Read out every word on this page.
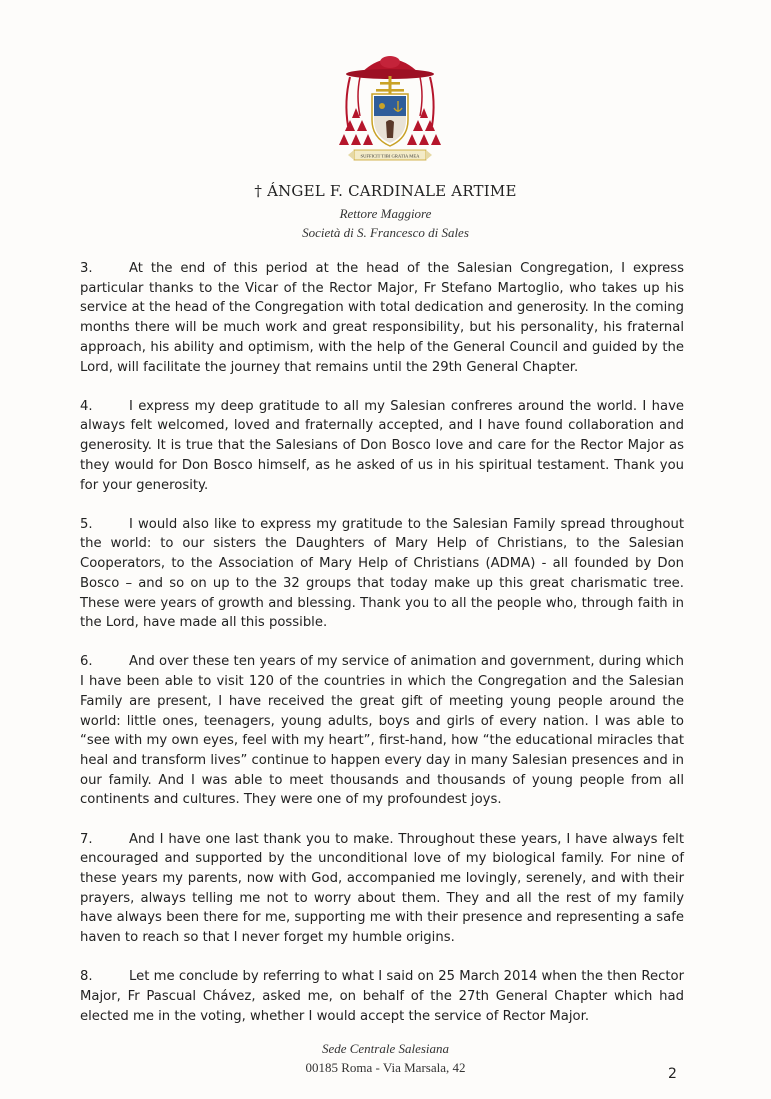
SUFFICIT TIBI GRATIA MEA
† ÁNGEL F. CARDINALE ARTIME
Rettore Maggiore
Società di S. Francesco di Sales

3.	At the end of this period at the head of the Salesian Congregation, I express particular thanks to the Vicar of the Rector Major, Fr Stefano Martoglio, who takes up his service at the head of the Congregation with total dedication and generosity. In the coming months there will be much work and great responsibility, but his personality, his fraternal approach, his ability and optimism, with the help of the General Council and guided by the Lord, will facilitate the journey that remains until the 29th General Chapter.

4.	I express my deep gratitude to all my Salesian confreres around the world. I have always felt welcomed, loved and fraternally accepted, and I have found collaboration and generosity. It is true that the Salesians of Don Bosco love and care for the Rector Major as they would for Don Bosco himself, as he asked of us in his spiritual testament. Thank you for your generosity.

5.	I would also like to express my gratitude to the Salesian Family spread throughout the world: to our sisters the Daughters of Mary Help of Christians, to the Salesian Cooperators, to the Association of Mary Help of Christians (ADMA) - all founded by Don Bosco – and so on up to the 32 groups that today make up this great charismatic tree. These were years of growth and blessing. Thank you to all the people who, through faith in the Lord, have made all this possible.

6.	And over these ten years of my service of animation and government, during which I have been able to visit 120 of the countries in which the Congregation and the Salesian Family are present, I have received the great gift of meeting young people around the world: little ones, teenagers, young adults, boys and girls of every nation. I was able to “see with my own eyes, feel with my heart”, first-hand, how “the educational miracles that heal and transform lives” continue to happen every day in many Salesian presences and in our family. And I was able to meet thousands and thousands of young people from all continents and cultures. They were one of my profoundest joys.

7.	And I have one last thank you to make. Throughout these years, I have always felt encouraged and supported by the unconditional love of my biological family. For nine of these years my parents, now with God, accompanied me lovingly, serenely, and with their prayers, always telling me not to worry about them. They and all the rest of my family have always been there for me, supporting me with their presence and representing a safe haven to reach so that I never forget my humble origins.

8.	Let me conclude by referring to what I said on 25 March 2014 when the then Rector Major, Fr Pascual Chávez, asked me, on behalf of the 27th General Chapter which had elected me in the voting, whether I would accept the service of Rector Major.

Sede Centrale Salesiana
00185 Roma - Via Marsala, 42	2
